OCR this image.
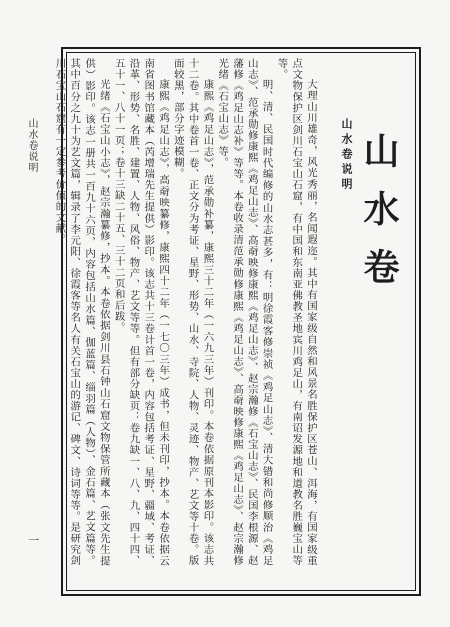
山水卷说明
一	大理山川雄奇，风光秀丽，名闻遐迩。其中有国家级自然和风景名胜保护区苍山、洱海，有国家级重点文物保护区剑川石宝山石窟，有中国和东南亚佛教圣地宾川鸡足山，有南诏发源地和道教名胜巍宝山等等。

明、清、民国时代编修的山水志甚多，有：明徐霞客修崇祯《鸡足山志》、清大错和尚修顺治《鸡足山志》、范承勋修康熙《鸡足山志》、高奣映修康熙《鸡足山志》、赵宗瀚修《石宝山志》、民国李根源、赵藩修《鸡足山志补》等等。本卷收录清范承勋修康熙《鸡足山志》、高奣映修康熙《鸡足山志》、赵宗瀚修光绪《石宝山志》等。

康熙《鸡足山志》，范承勋补纂，康熙三十二年（一六九三年）刊印。本卷依据原刊本影印。该志共十二卷。其中卷首一卷、正文分为考证、星野、形势、山水、寺院、人物、灵迹、物产、艺文等十卷。版面较黑，部分字迹模糊。

康熙《鸡足山志》，高奣映纂修，康熙四十二年（一七〇三年）成书，但未刊印，抄本。本卷依据云南省图书馆藏本（芮增瑞先生提供）影印。该志共十三卷计首一卷，内容包括考证、星野、疆域、考证、沿革、形势、名胜、建置、人物、风俗、物产、艺文等等。但有部分缺页：卷九缺一、八、九、四十四、五十一、八十一页；卷十三缺二十五、三十二页和后跋。

光绪《石宝山小志》，赵宗瀚纂修，抄本。本卷依据剑川县石钟山石窟文物保管所藏本（张文先生提供）影印。该志一册共一百九十六页，内容包括山水篇、伽蓝篇、缁羽篇（人物）、金石篇、艺文篇等。其中百分之九十为艺文篇，辑录了李元阳、徐霞客等名人有关石宝山的游记、碑文、诗词等等。是研究剑川石宝山石窟有一定参考价值的文献。	山水卷说明 山水卷
